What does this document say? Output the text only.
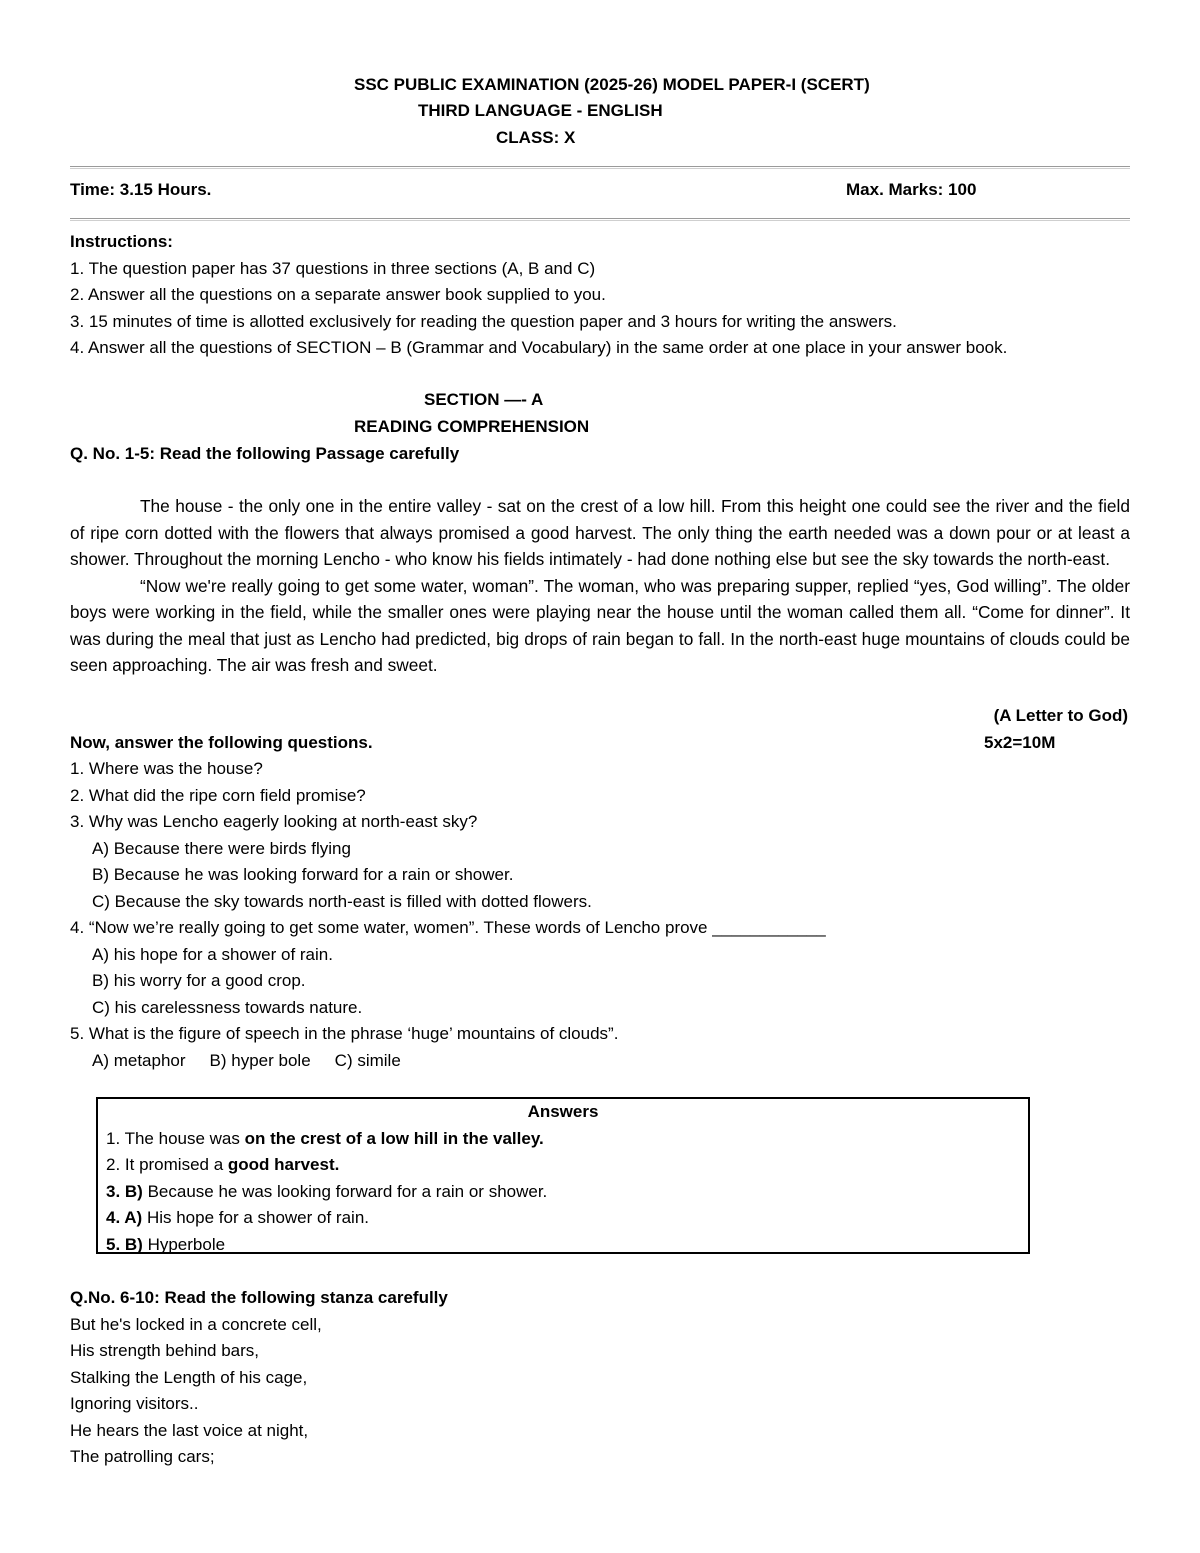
SSC PUBLIC EXAMINATION (2025-26) MODEL PAPER-I (SCERT)
THIRD LANGUAGE - ENGLISH
CLASS: X
Time: 3.15 Hours.	Max. Marks: 100
Instructions:
1. The question paper has 37 questions in three sections (A, B and C)
2. Answer all the questions on a separate answer book supplied to you.
3. 15 minutes of time is allotted exclusively for reading the question paper and 3 hours for writing the answers.
4. Answer all the questions of SECTION – B (Grammar and Vocabulary) in the same order at one place in your answer book.
SECTION —- A
READING COMPREHENSION
Q. No. 1-5: Read the following Passage carefully

The house - the only one in the entire valley - sat on the crest of a low hill. From this height one could see the river and the field of ripe corn dotted with the flowers that always promised a good harvest. The only thing the earth needed was a down pour or at least a shower. Throughout the morning Lencho - who know his fields intimately - had done nothing else but see the sky towards the north-east.

“Now we're really going to get some water, woman”. The woman, who was preparing supper, replied “yes, God willing”. The older boys were working in the field, while the smaller ones were playing near the house until the woman called them all. “Come for dinner”. It was during the meal that just as Lencho had predicted, big drops of rain began to fall. In the north-east huge mountains of clouds could be seen approaching. The air was fresh and sweet.

(A Letter to God)
Now, answer the following questions.	5x2=10M
1. Where was the house?
2. What did the ripe corn field promise?
3. Why was Lencho eagerly looking at north-east sky?
A) Because there were birds flying
B) Because he was looking forward for a rain or shower.
C) Because the sky towards north-east is filled with dotted flowers.
4. “Now we’re really going to get some water, women”. These words of Lencho prove ____________
A) his hope for a shower of rain.
B) his worry for a good crop.
C) his carelessness towards nature.
5. What is the figure of speech in the phrase ‘huge’ mountains of clouds”.
A) metaphor B) hyper bole C) simile
Answers
1. The house was on the crest of a low hill in the valley.
2. It promised a good harvest.
3. B) Because he was looking forward for a rain or shower.
4. A) His hope for a shower of rain.
5. B) Hyperbole
Q.No. 6-10: Read the following stanza carefully
But he's locked in a concrete cell,
His strength behind bars,
Stalking the Length of his cage,
Ignoring visitors..
He hears the last voice at night,
The patrolling cars;
